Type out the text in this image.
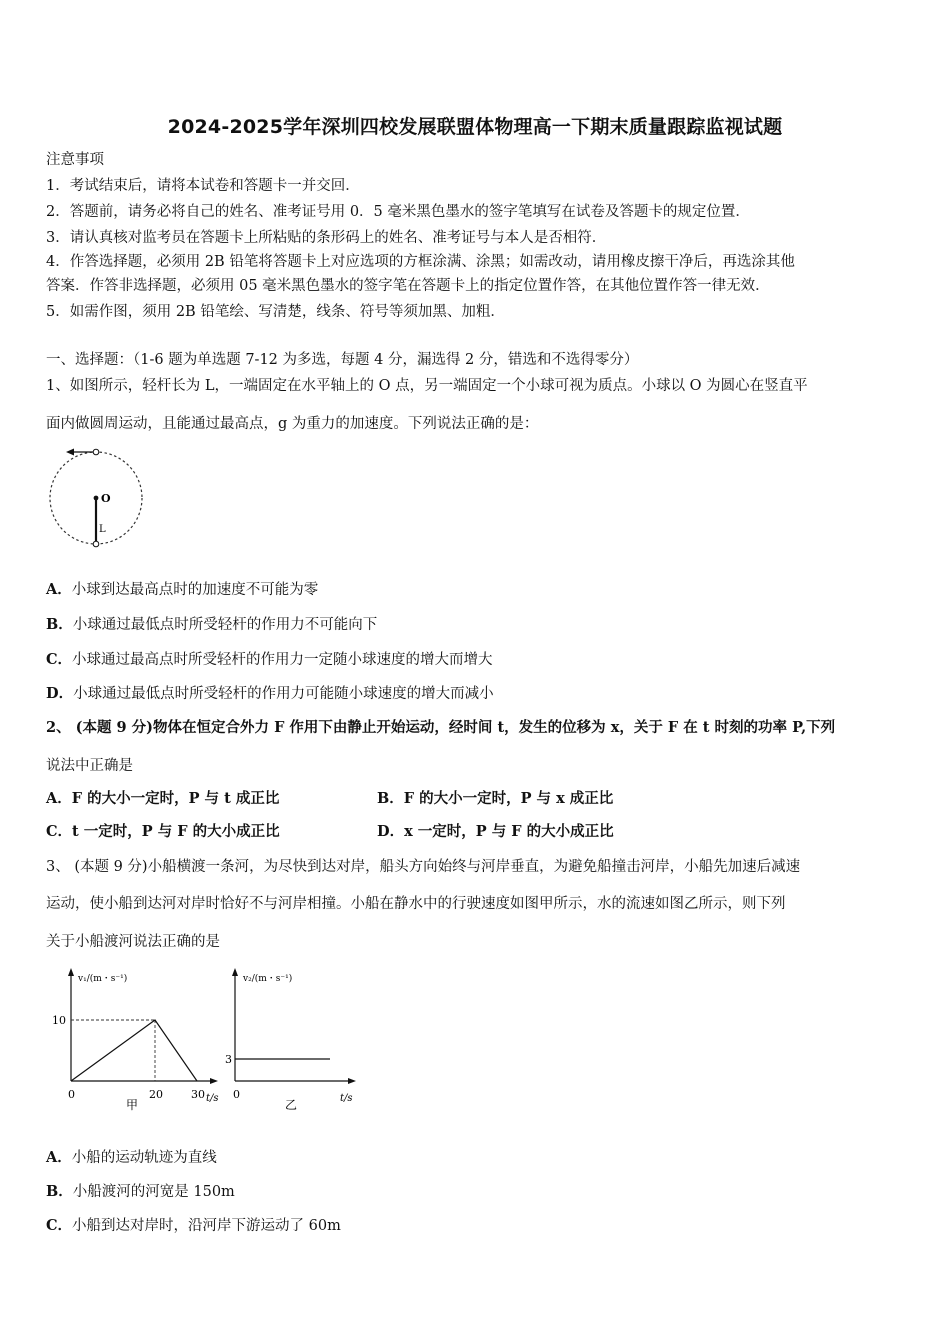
2024-2025学年深圳四校发展联盟体物理高一下期末质量跟踪监视试题
注意事项
1．考试结束后，请将本试卷和答题卡一并交回．
2．答题前，请务必将自己的姓名、准考证号用 0．5 毫米黑色墨水的签字笔填写在试卷及答题卡的规定位置．
3．请认真核对监考员在答题卡上所粘贴的条形码上的姓名、准考证号与本人是否相符．
4．作答选择题，必须用 2B 铅笔将答题卡上对应选项的方框涂满、涂黑；如需改动，请用橡皮擦干净后，再选涂其他
答案．作答非选择题，必须用 05 毫米黑色墨水的签字笔在答题卡上的指定位置作答，在其他位置作答一律无效．
5．如需作图，须用 2B 铅笔绘、写清楚，线条、符号等须加黑、加粗．
一、选择题：（1-6 题为单选题 7-12 为多选，每题 4 分，漏选得 2 分，错选和不选得零分）
1、如图所示，轻杆长为 L，一端固定在水平轴上的 O 点，另一端固定一个小球可视为质点。小球以 O 为圆心在竖直平
面内做圆周运动，且能通过最高点，g 为重力的加速度。下列说法正确的是：
O
L
A．小球到达最高点时的加速度不可能为零
B．小球通过最低点时所受轻杆的作用力不可能向下
C．小球通过最高点时所受轻杆的作用力一定随小球速度的增大而增大
D．小球通过最低点时所受轻杆的作用力可能随小球速度的增大而减小
2、 (本题 9 分)物体在恒定合外力 F 作用下由静止开始运动，经时间 t，发生的位移为 x，关于 F 在 t 时刻的功率 P,下列
说法中正确是
A．F 的大小一定时，P 与 t 成正比	B．F 的大小一定时，P 与 x 成正比
C．t 一定时，P 与 F 的大小成正比	D．x 一定时，P 与 F 的大小成正比
3、 (本题 9 分)小船横渡一条河，为尽快到达对岸，船头方向始终与河岸垂直，为避免船撞击河岸，小船先加速后减速
运动，使小船到达河对岸时恰好不与河岸相撞。小船在静水中的行驶速度如图甲所示，水的流速如图乙所示，则下列
关于小船渡河说法正确的是
v₁/(m・s⁻¹)
10
0	20	30 t/s
甲
v₂/(m・s⁻¹)
3
0	t/s
乙
A．小船的运动轨迹为直线
B．小船渡河的河宽是 150m
C．小船到达对岸时，沿河岸下游运动了 60m
